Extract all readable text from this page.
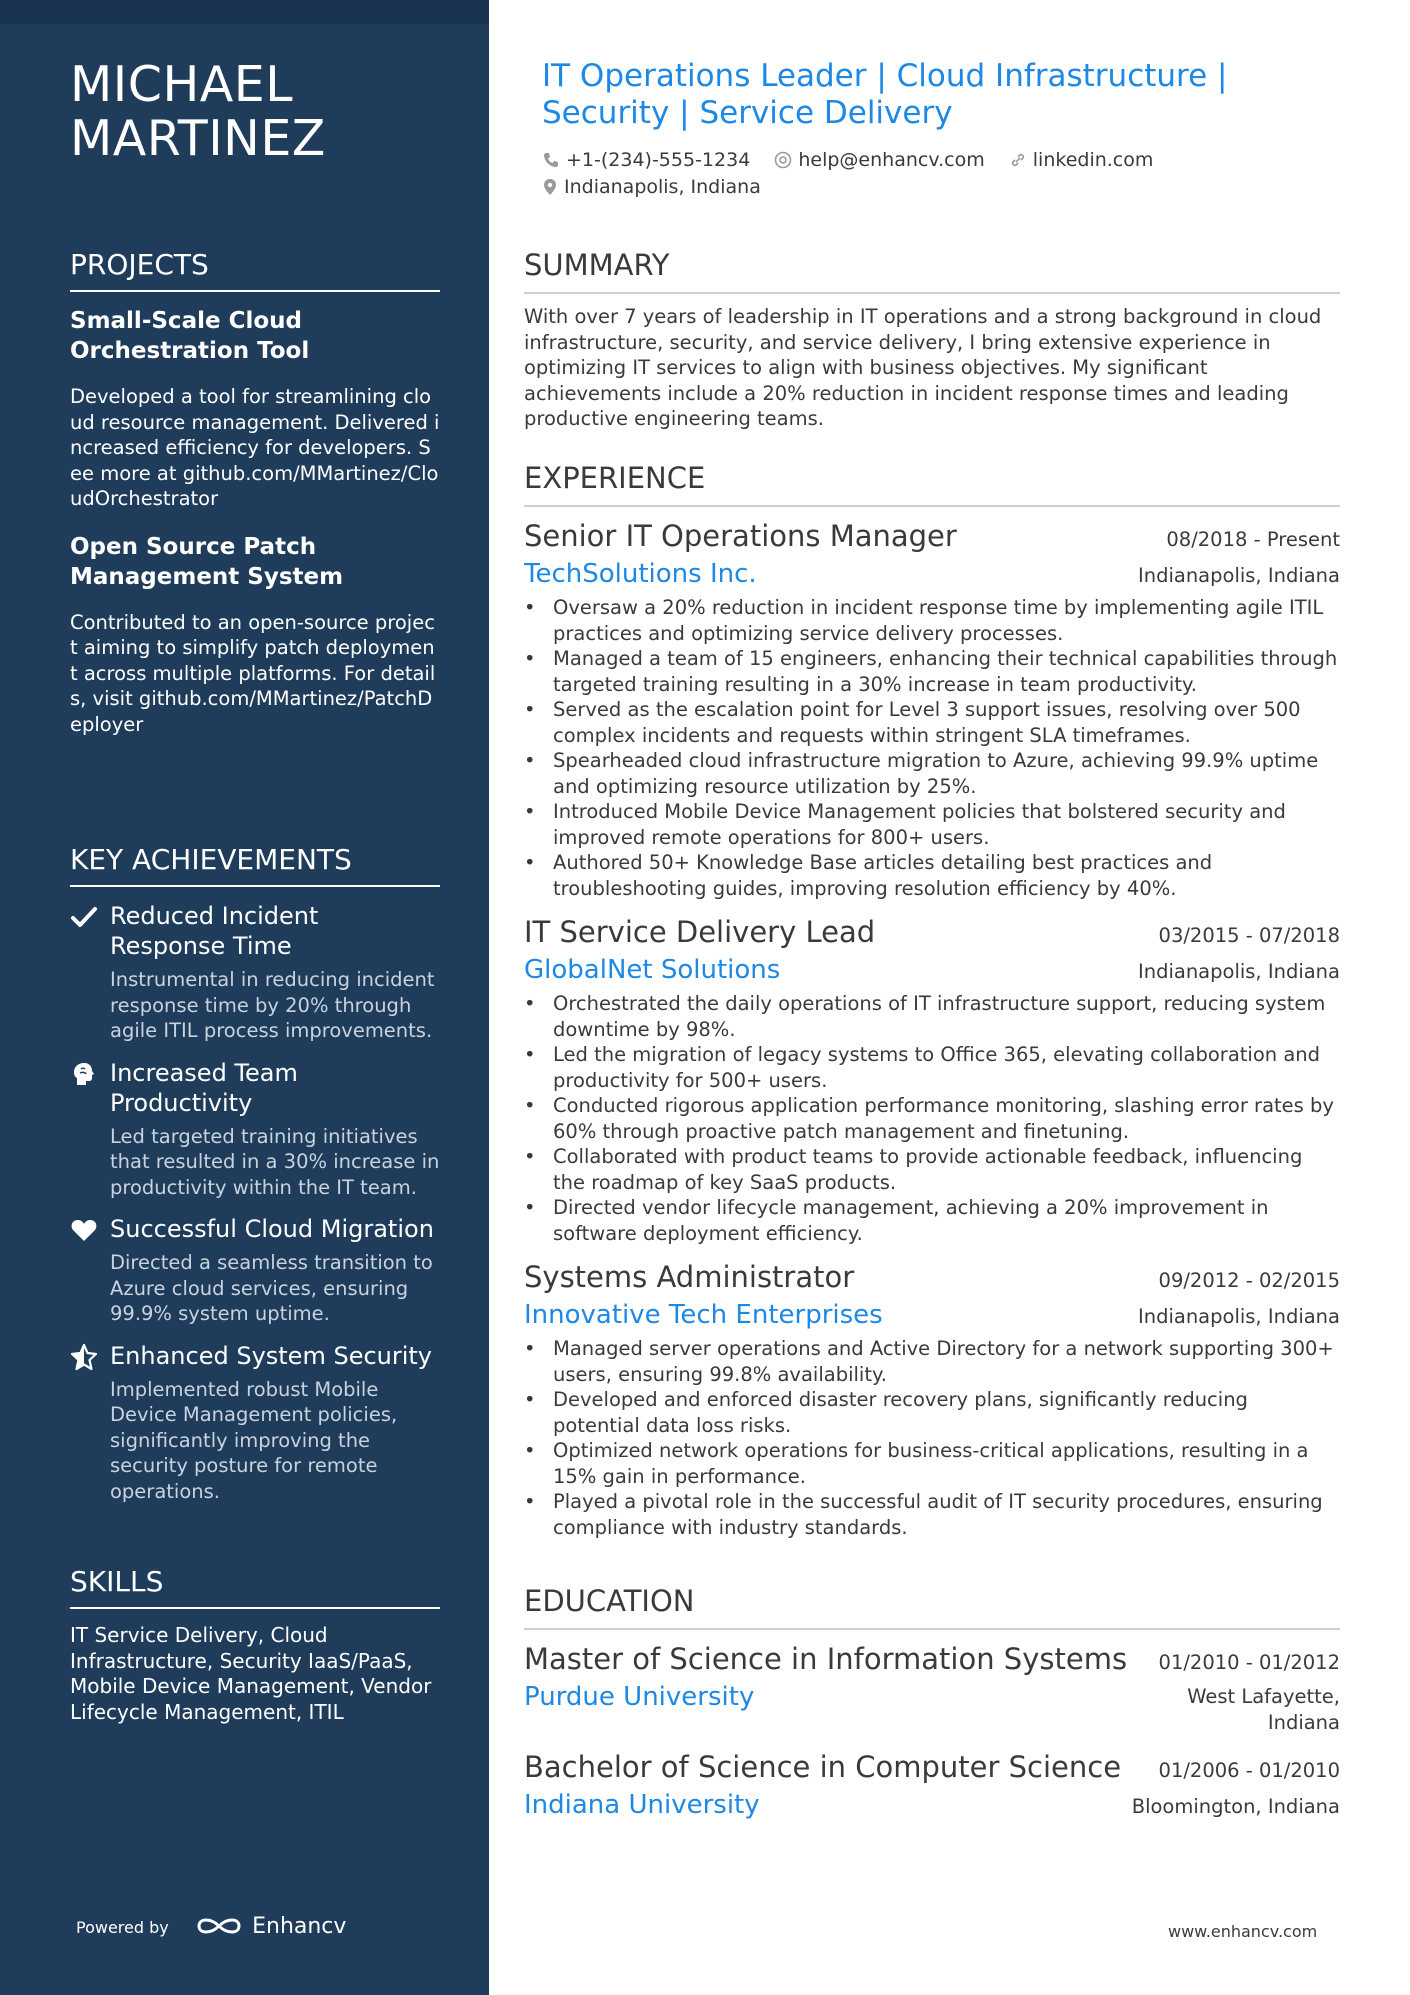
MICHAEL
MARTINEZ
PROJECTS
Small-Scale Cloud Orchestration Tool
Developed a tool for streamlining cloud resource management. Delivered increased efficiency for developers. See more at github.com/MMartinez/CloudOrchestrator
Open Source Patch Management System
Contributed to an open-source project aiming to simplify patch deployment across multiple platforms. For details, visit github.com/MMartinez/PatchDeployer
KEY ACHIEVEMENTS
Reduced Incident Response Time
Instrumental in reducing incident response time by 20% through agile ITIL process improvements.
Increased Team Productivity
Led targeted training initiatives that resulted in a 30% increase in productivity within the IT team.
Successful Cloud Migration
Directed a seamless transition to Azure cloud services, ensuring 99.9% system uptime.
Enhanced System Security
Implemented robust Mobile Device Management policies, significantly improving the security posture for remote operations.
SKILLS
IT Service Delivery, Cloud Infrastructure, Security IaaS/PaaS, Mobile Device Management, Vendor Lifecycle Management, ITIL
Powered by	Enhancv
IT Operations Leader | Cloud Infrastructure | Security | Service Delivery
+1-(234)-555-1234	help@enhancv.com	linkedin.com
Indianapolis, Indiana
SUMMARY
With over 7 years of leadership in IT operations and a strong background in cloud infrastructure, security, and service delivery, I bring extensive experience in optimizing IT services to align with business objectives. My significant achievements include a 20% reduction in incident response times and leading productive engineering teams.
EXPERIENCE
Senior IT Operations Manager	08/2018 - Present
TechSolutions Inc.	Indianapolis, Indiana
• Oversaw a 20% reduction in incident response time by implementing agile ITIL practices and optimizing service delivery processes.
• Managed a team of 15 engineers, enhancing their technical capabilities through targeted training resulting in a 30% increase in team productivity.
• Served as the escalation point for Level 3 support issues, resolving over 500 complex incidents and requests within stringent SLA timeframes.
• Spearheaded cloud infrastructure migration to Azure, achieving 99.9% uptime and optimizing resource utilization by 25%.
• Introduced Mobile Device Management policies that bolstered security and improved remote operations for 800+ users.
• Authored 50+ Knowledge Base articles detailing best practices and troubleshooting guides, improving resolution efficiency by 40%.
IT Service Delivery Lead	03/2015 - 07/2018
GlobalNet Solutions	Indianapolis, Indiana
• Orchestrated the daily operations of IT infrastructure support, reducing system downtime by 98%.
• Led the migration of legacy systems to Office 365, elevating collaboration and productivity for 500+ users.
• Conducted rigorous application performance monitoring, slashing error rates by 60% through proactive patch management and finetuning.
• Collaborated with product teams to provide actionable feedback, influencing the roadmap of key SaaS products.
• Directed vendor lifecycle management, achieving a 20% improvement in software deployment efficiency.
Systems Administrator	09/2012 - 02/2015
Innovative Tech Enterprises	Indianapolis, Indiana
• Managed server operations and Active Directory for a network supporting 300+ users, ensuring 99.8% availability.
• Developed and enforced disaster recovery plans, significantly reducing potential data loss risks.
• Optimized network operations for business-critical applications, resulting in a 15% gain in performance.
• Played a pivotal role in the successful audit of IT security procedures, ensuring compliance with industry standards.
EDUCATION
Master of Science in Information Systems 01/2010 - 01/2012
Purdue University	West Lafayette, Indiana
Bachelor of Science in Computer Science 01/2006 - 01/2010
Indiana University	Bloomington, Indiana
www.enhancv.com
